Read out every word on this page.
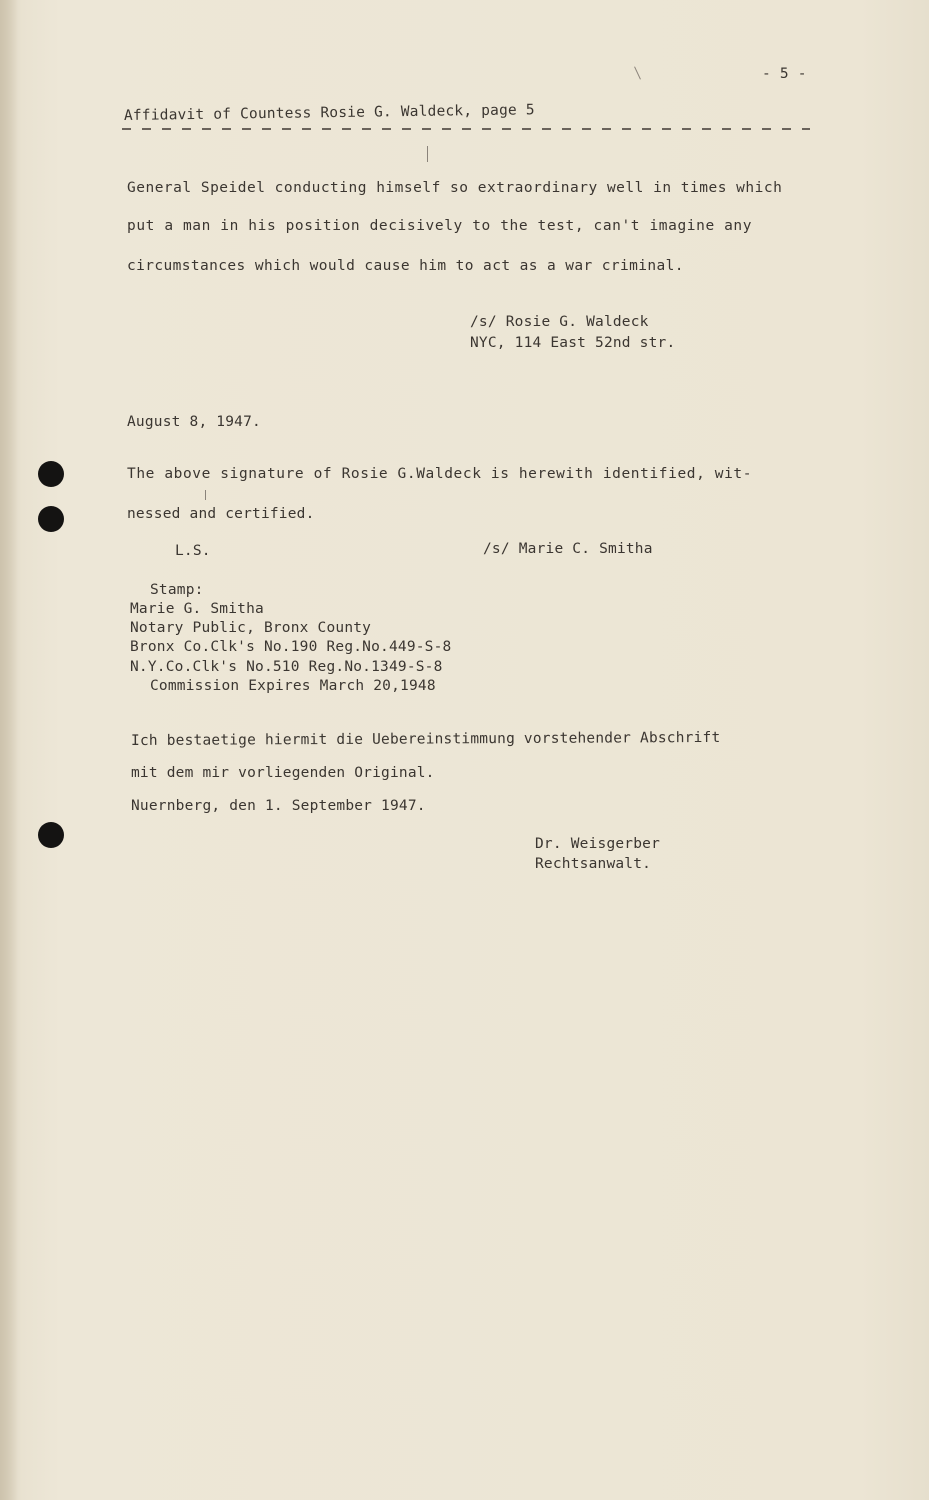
- 5 -
Affidavit of Countess Rosie G. Waldeck, page 5
General Speidel conducting himself so extraordinary well in times which
put a man in his position decisively to the test, can't imagine any
circumstances which would cause him to act as a war criminal.
/s/ Rosie G. Waldeck
NYC, 114 East 52nd str.
August 8, 1947.
The above signature of Rosie G.Waldeck is herewith identified, wit-
nessed and certified.
L.S.	/s/ Marie C. Smitha
Stamp:
Marie G. Smitha
Notary Public, Bronx County
Bronx Co.Clk's No.190 Reg.No.449-S-8
N.Y.Co.Clk's No.510 Reg.No.1349-S-8
Commission Expires March 20,1948
Ich bestaetige hiermit die Uebereinstimmung vorstehender Abschrift
mit dem mir vorliegenden Original.
Nuernberg, den 1. September 1947.
Dr. Weisgerber
Rechtsanwalt.
